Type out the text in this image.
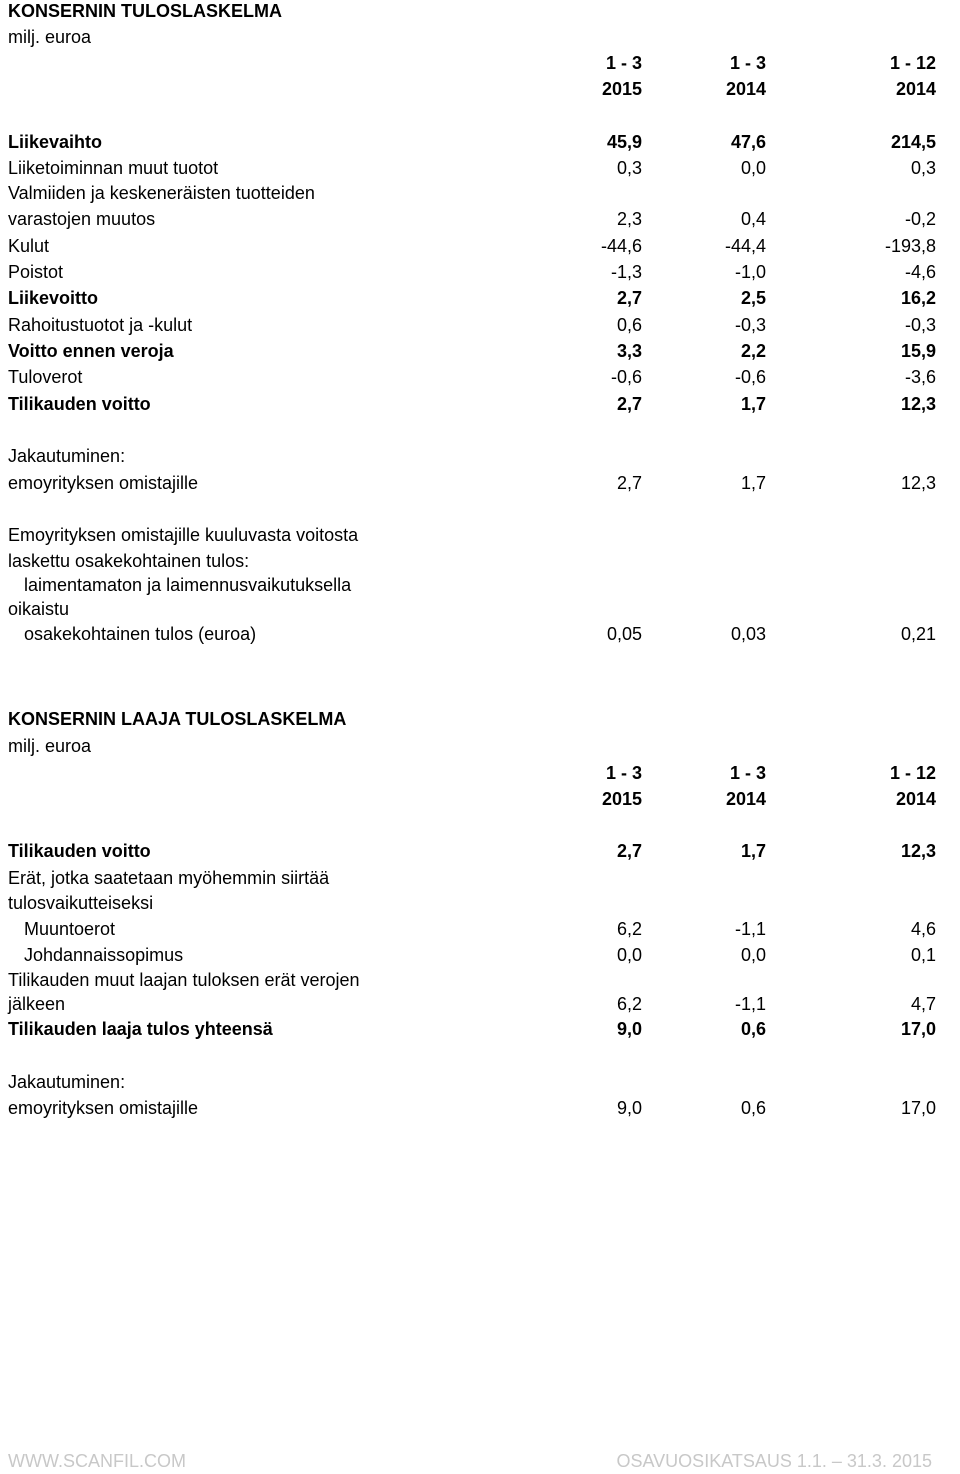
KONSERNIN TULOSLASKELMA
milj. euroa
1 - 3	1 - 3	1 - 12
2015	2014	2014
Liikevaihto	45,9	47,6	214,5
Liiketoiminnan muut tuotot	0,3	0,0	0,3
Valmiiden ja keskeneräisten tuotteiden
varastojen muutos	2,3	0,4	-0,2
Kulut	-44,6	-44,4	-193,8
Poistot	-1,3	-1,0	-4,6
Liikevoitto	2,7	2,5	16,2
Rahoitustuotot ja -kulut	0,6	-0,3	-0,3
Voitto ennen veroja	3,3	2,2	15,9
Tuloverot	-0,6	-0,6	-3,6
Tilikauden voitto	2,7	1,7	12,3
Jakautuminen:
emoyrityksen omistajille	2,7	1,7	12,3
Emoyrityksen omistajille kuuluvasta voitosta
laskettu osakekohtainen tulos:
laimentamaton ja laimennusvaikutuksella
oikaistu
osakekohtainen tulos (euroa)	0,05	0,03	0,21
KONSERNIN LAAJA TULOSLASKELMA
milj. euroa
1 - 3	1 - 3	1 - 12
2015	2014	2014
Tilikauden voitto	2,7	1,7	12,3
Erät, jotka saatetaan myöhemmin siirtää
tulosvaikutteiseksi
Muuntoerot	6,2	-1,1	4,6
Johdannaissopimus	0,0	0,0	0,1
Tilikauden muut laajan tuloksen erät verojen
jälkeen	6,2	-1,1	4,7
Tilikauden laaja tulos yhteensä	9,0	0,6	17,0
Jakautuminen:
emoyrityksen omistajille	9,0	0,6	17,0
WWW.SCANFIL.COM	OSAVUOSIKATSAUS 1.1. – 31.3. 2015
